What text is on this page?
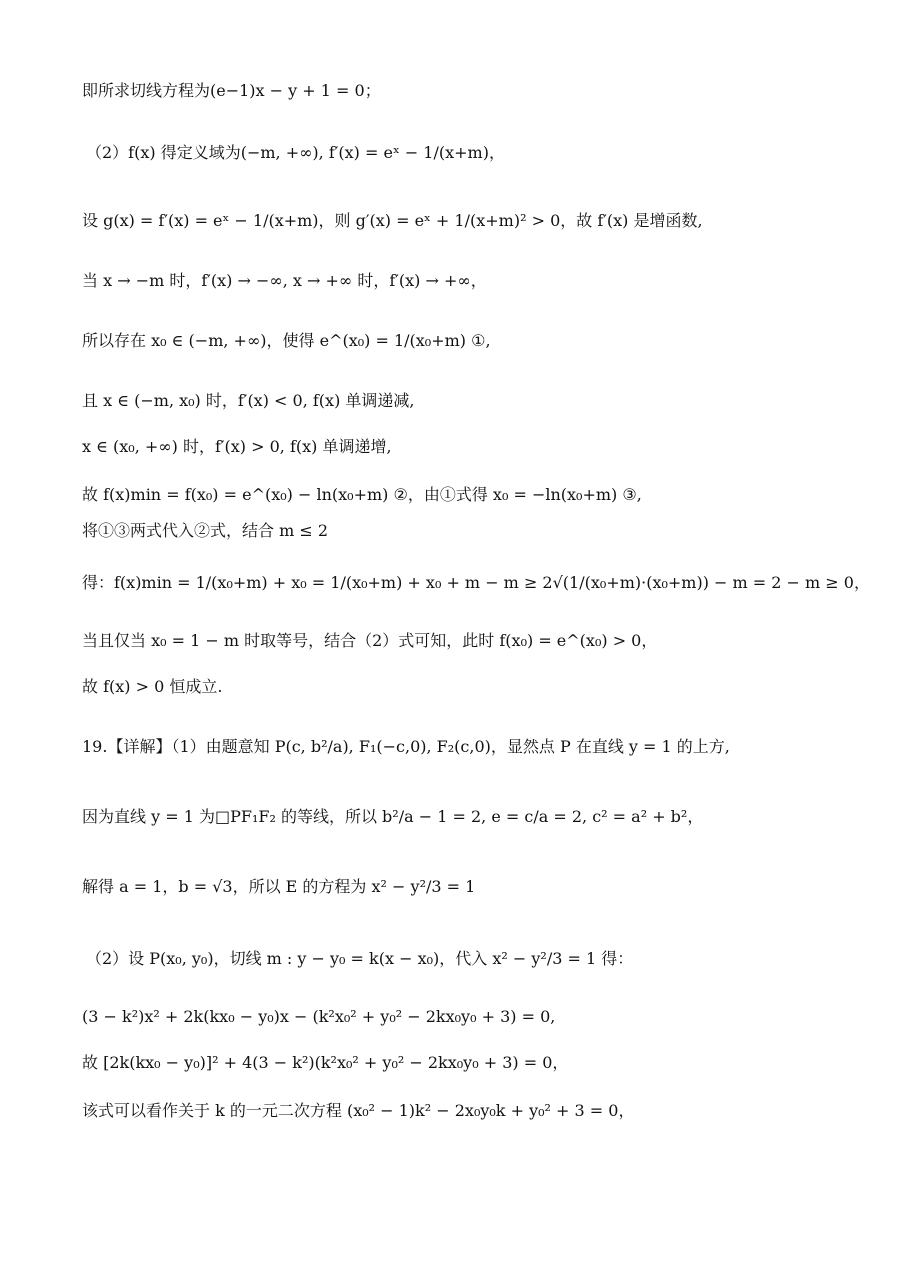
即所求切线方程为(e−1)x − y + 1 = 0；
（2）f(x) 得定义域为(−m, +∞), f′(x) = eˣ − 1/(x+m)，
设 g(x) = f′(x) = eˣ − 1/(x+m)，则 g′(x) = eˣ + 1/(x+m)² > 0，故 f′(x) 是增函数,
当 x → −m 时，f′(x) → −∞, x → +∞ 时，f′(x) → +∞，
所以存在 x₀ ∈ (−m, +∞)，使得 e^(x₀) = 1/(x₀+m) ①,
且 x ∈ (−m, x₀) 时，f′(x) < 0, f(x) 单调递减,
x ∈ (x₀, +∞) 时，f′(x) > 0, f(x) 单调递增,
故 f(x)min = f(x₀) = e^(x₀) − ln(x₀+m) ②，由①式得 x₀ = −ln(x₀+m) ③,
将①③两式代入②式，结合 m ≤ 2
得：f(x)min = 1/(x₀+m) + x₀ = 1/(x₀+m) + x₀ + m − m ≥ 2√(1/(x₀+m)·(x₀+m)) − m = 2 − m ≥ 0，
当且仅当 x₀ = 1 − m 时取等号，结合（2）式可知，此时 f(x₀) = e^(x₀) > 0，
故 f(x) > 0 恒成立.
19.【详解】（1）由题意知 P(c, b²/a), F₁(−c,0), F₂(c,0)，显然点 P 在直线 y = 1 的上方,
因为直线 y = 1 为□PF₁F₂ 的等线，所以 b²/a − 1 = 2, e = c/a = 2, c² = a² + b²，
解得 a = 1，b = √3，所以 E 的方程为 x² − y²/3 = 1
（2）设 P(x₀, y₀)，切线 m : y − y₀ = k(x − x₀)，代入 x² − y²/3 = 1 得：
(3 − k²)x² + 2k(kx₀ − y₀)x − (k²x₀² + y₀² − 2kx₀y₀ + 3) = 0,
故 [2k(kx₀ − y₀)]² + 4(3 − k²)(k²x₀² + y₀² − 2kx₀y₀ + 3) = 0，
该式可以看作关于 k 的一元二次方程 (x₀² − 1)k² − 2x₀y₀k + y₀² + 3 = 0，
